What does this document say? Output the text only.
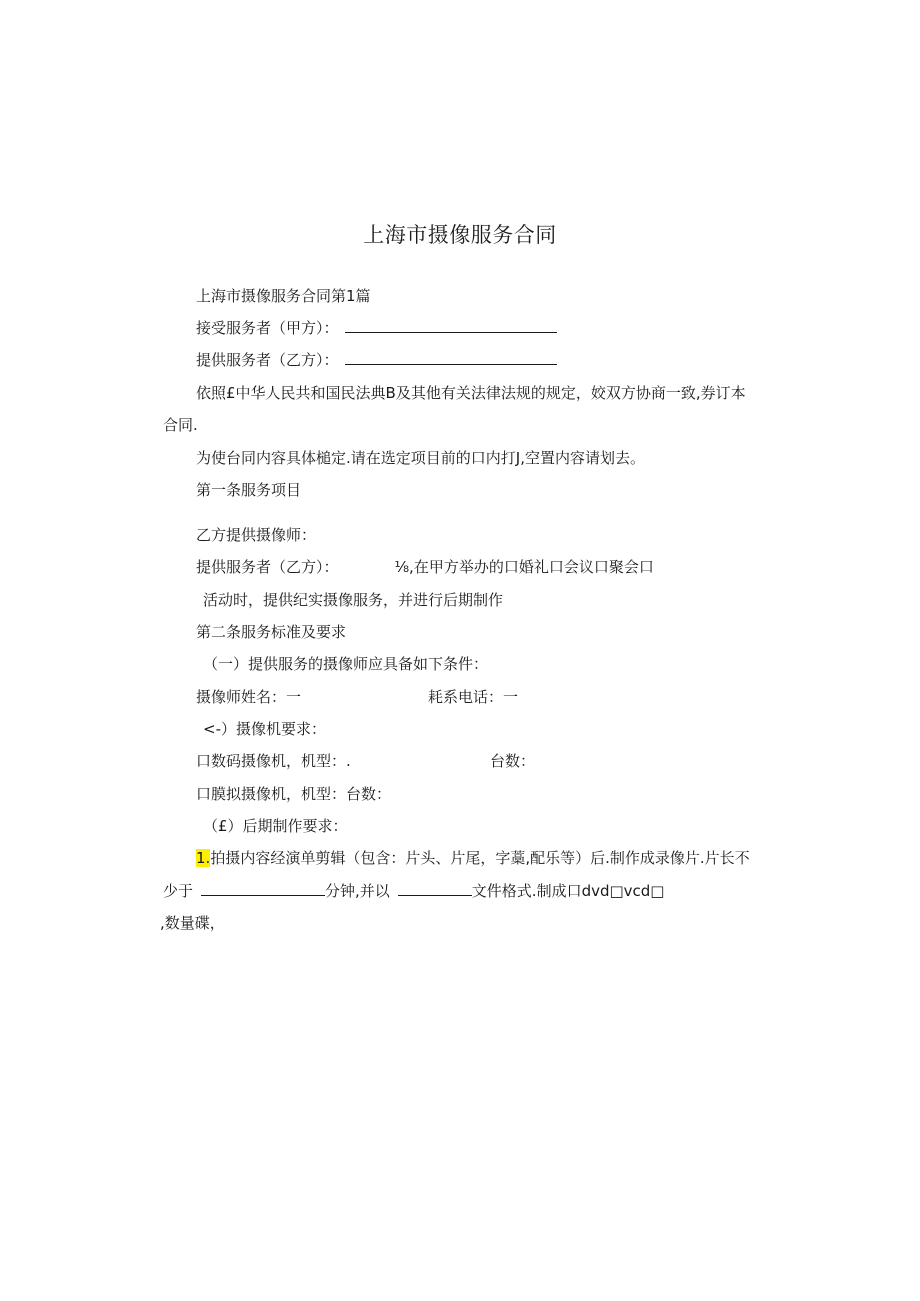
上海市摄像服务合同
上海市摄像服务合同第1篇
接受服务者（甲方）：
提供服务者（乙方）：
依照£中华人民共和国民法典B及其他有关法律法规的规定，姣双方协商一致,券订本
合同.
为使台同内容具体槌定.请在选定项目前的口内打J,空置内容请划去。
第一条服务项目
乙方提供摄像师：
提供服务者（乙方）：	⅛,在甲方举办的口婚礼口会议口聚会口
活动时，提供纪实摄像服务，并进行后期制作
第二条服务标准及要求
（一）提供服务的摄像师应具备如下条件：
摄像师姓名：一	耗系电话：一
<-）摄像机要求：
口数码摄像机，机型：.	台数：
口膜拟摄像机，机型：台数：
（£）后期制作要求：
1.拍摄内容经演单剪辑（包含：片头、片尾，字藁,配乐等）后.制作成录像片.片长不
少于	分钟,并以	文件格式.制成口dvd□vcd□
,数量碟，
